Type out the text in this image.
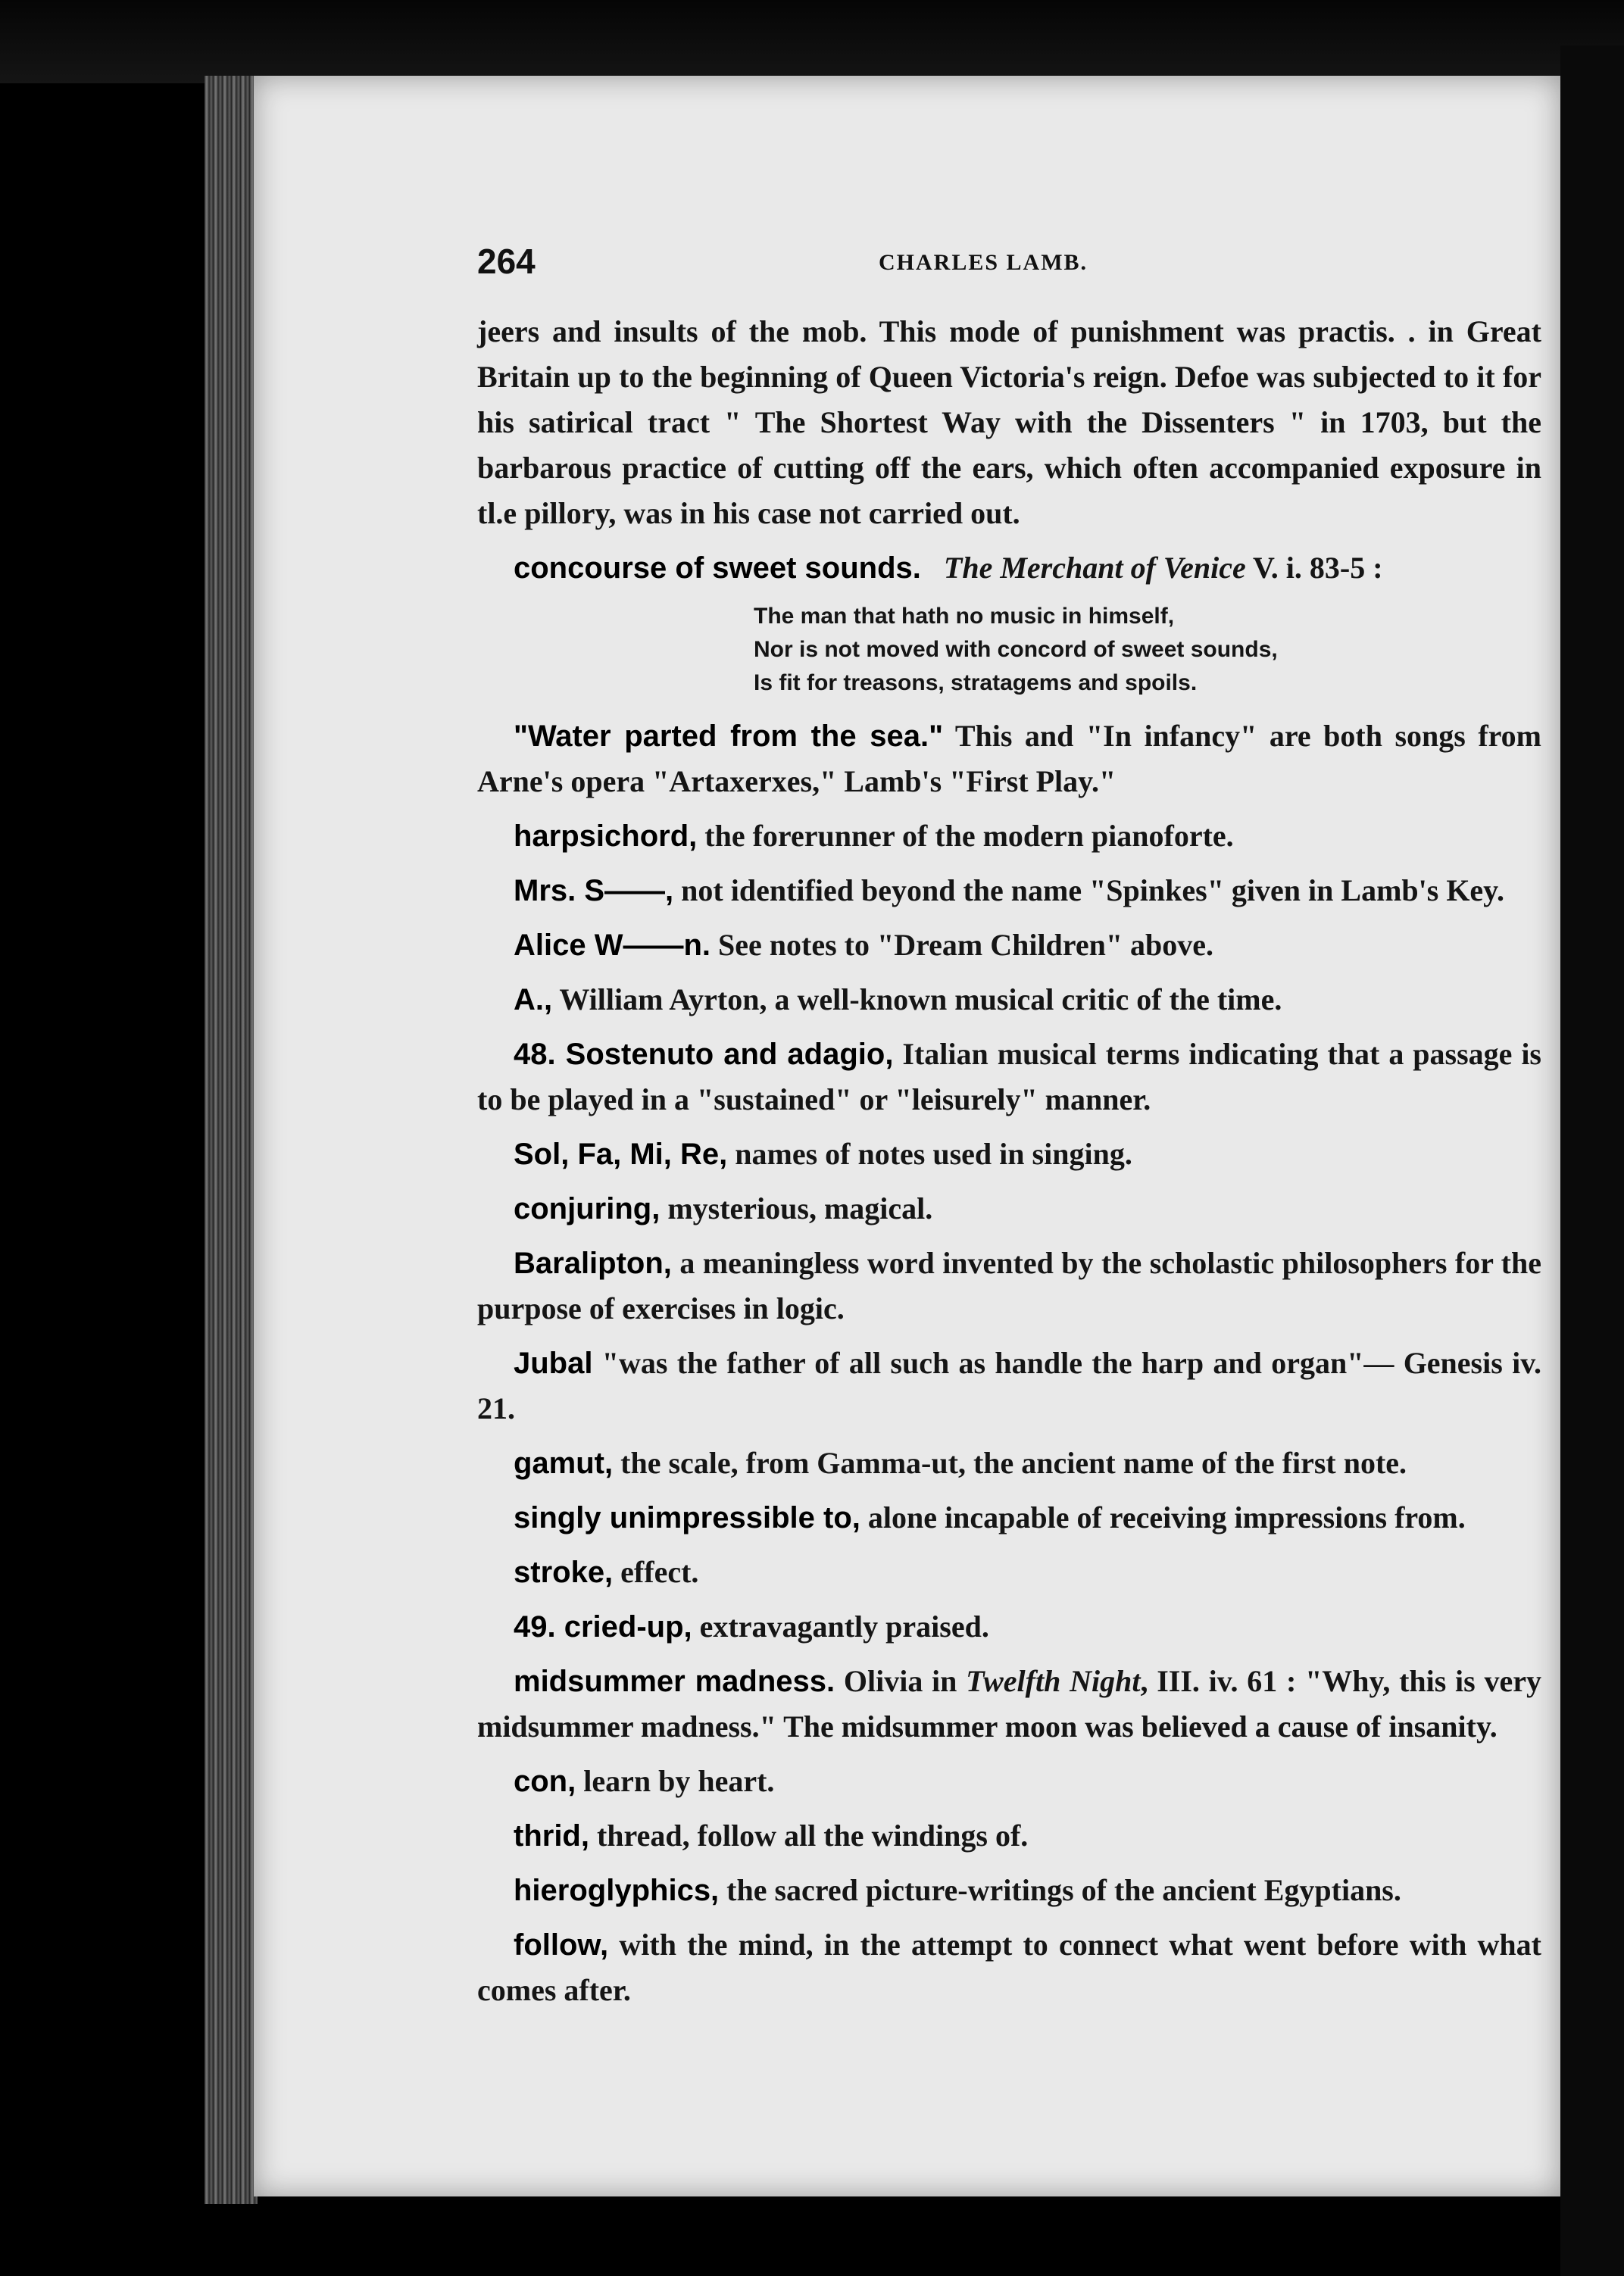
264	CHARLES LAMB.

jeers and insults of the mob. This mode of punishment was practis. . in Great Britain up to the beginning of Queen Victoria's reign. Defoe was subjected to it for his satirical tract " The Shortest Way with the Dissenters " in 1703, but the barbarous practice of cutting off the ears, which often accompanied exposure in tl.e pillory, was in his case not carried out.

concourse of sweet sounds. The Merchant of Venice V. i. 83-5 :

The man that hath no music in himself,
Nor is not moved with concord of sweet sounds,
Is fit for treasons, stratagems and spoils.

"Water parted from the sea." This and "In infancy" are both songs from Arne's opera "Artaxerxes," Lamb's "First Play."

harpsichord, the forerunner of the modern pianoforte.

Mrs. S——, not identified beyond the name "Spinkes" given in Lamb's Key.

Alice W——n. See notes to "Dream Children" above.

A., William Ayrton, a well-known musical critic of the time.

48. Sostenuto and adagio, Italian musical terms indicating that a passage is to be played in a "sustained" or "leisurely" manner.

Sol, Fa, Mi, Re, names of notes used in singing.

conjuring, mysterious, magical.

Baralipton, a meaningless word invented by the scholastic philosophers for the purpose of exercises in logic.

Jubal "was the father of all such as handle the harp and organ"— Genesis iv. 21.

gamut, the scale, from Gamma-ut, the ancient name of the first note.

singly unimpressible to, alone incapable of receiving impressions from.

stroke, effect.

49. cried-up, extravagantly praised.

midsummer madness. Olivia in Twelfth Night, III. iv. 61 : "Why, this is very midsummer madness." The midsummer moon was believed a cause of insanity.

con, learn by heart.

thrid, thread, follow all the windings of.

hieroglyphics, the sacred picture-writings of the ancient Egyptians.

follow, with the mind, in the attempt to connect what went before with what comes after.
